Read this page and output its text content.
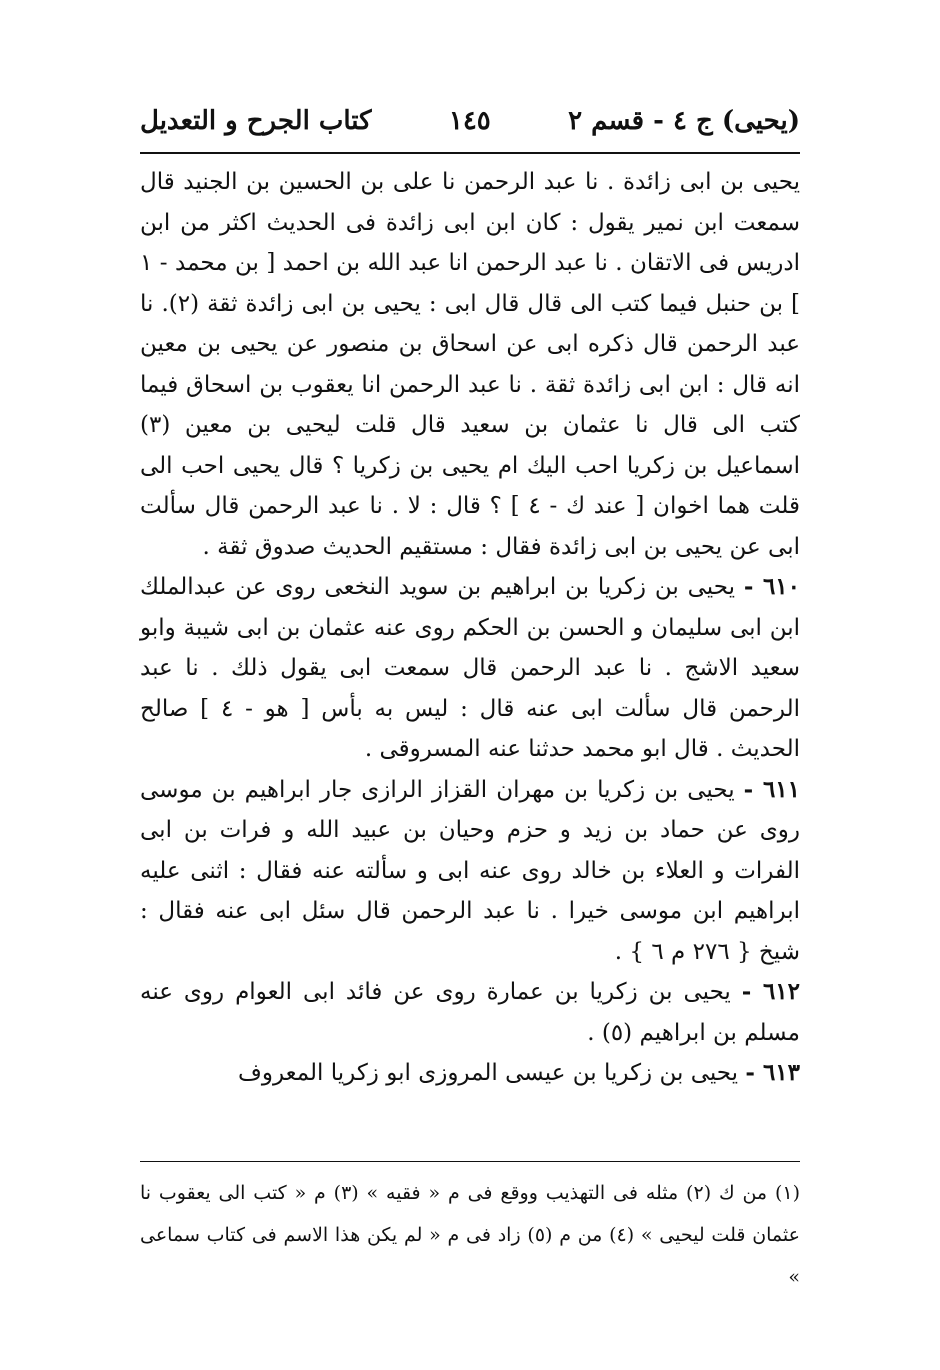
كتاب الجرح و التعديل	١٤٥	(يحيى) ج ٤ - قسم ٢

يحيى بن ابى زائدة . نا عبد الرحمن نا على بن الحسين بن الجنيد قال سمعت ابن نمير يقول : كان ابن ابى زائدة فى الحديث اكثر من ابن ادريس فى الاتقان . نا عبد الرحمن انا عبد الله بن احمد [ بن محمد - ١ ] بن حنبل فيما كتب الى قال قال ابى : يحيى بن ابى زائدة ثقة (٢). نا عبد الرحمن قال ذكره ابى عن اسحاق بن منصور عن يحيى بن معين انه قال : ابن ابى زائدة ثقة . نا عبد الرحمن انا يعقوب بن اسحاق فيما كتب الى قال نا عثمان بن سعيد قال قلت ليحيى بن معين (٣) اسماعيل بن زكريا احب اليك ام يحيى بن زكريا ؟ قال يحيى احب الى قلت هما اخوان [ عند ك - ٤ ] ؟ قال : لا . نا عبد الرحمن قال سألت ابى عن يحيى بن ابى زائدة فقال : مستقيم الحديث صدوق ثقة .

٦١٠ - يحيى بن زكريا بن ابراهيم بن سويد النخعى روى عن عبدالملك ابن ابى سليمان و الحسن بن الحكم روى عنه عثمان بن ابى شيبة وابو سعيد الاشج . نا عبد الرحمن قال سمعت ابى يقول ذلك . نا عبد الرحمن قال سألت ابى عنه قال : ليس به بأس [ هو - ٤ ] صالح الحديث . قال ابو محمد حدثنا عنه المسروقى .

٦١١ - يحيى بن زكريا بن مهران القزاز الرازى جار ابراهيم بن موسى روى عن حماد بن زيد و حزم وحيان بن عبيد الله و فرات بن ابى الفرات و العلاء بن خالد روى عنه ابى و سألته عنه فقال : اثنى عليه ابراهيم ابن موسى خيرا . نا عبد الرحمن قال سئل ابى عنه فقال : شيخ { ٢٧٦ م ٦ } .

٦١٢ - يحيى بن زكريا بن عمارة روى عن فائد ابى العوام روى عنه مسلم بن ابراهيم (٥) .

٦١٣ - يحيى بن زكريا بن عيسى المروزى ابو زكريا المعروف

(١) من ك (٢) مثله فى التهذيب ووقع فى م « فقيه » (٣) م « كتب الى يعقوب نا عثمان قلت ليحيى » (٤) من م (٥) زاد فى م « لم يكن هذا الاسم فى كتاب سماعى »
